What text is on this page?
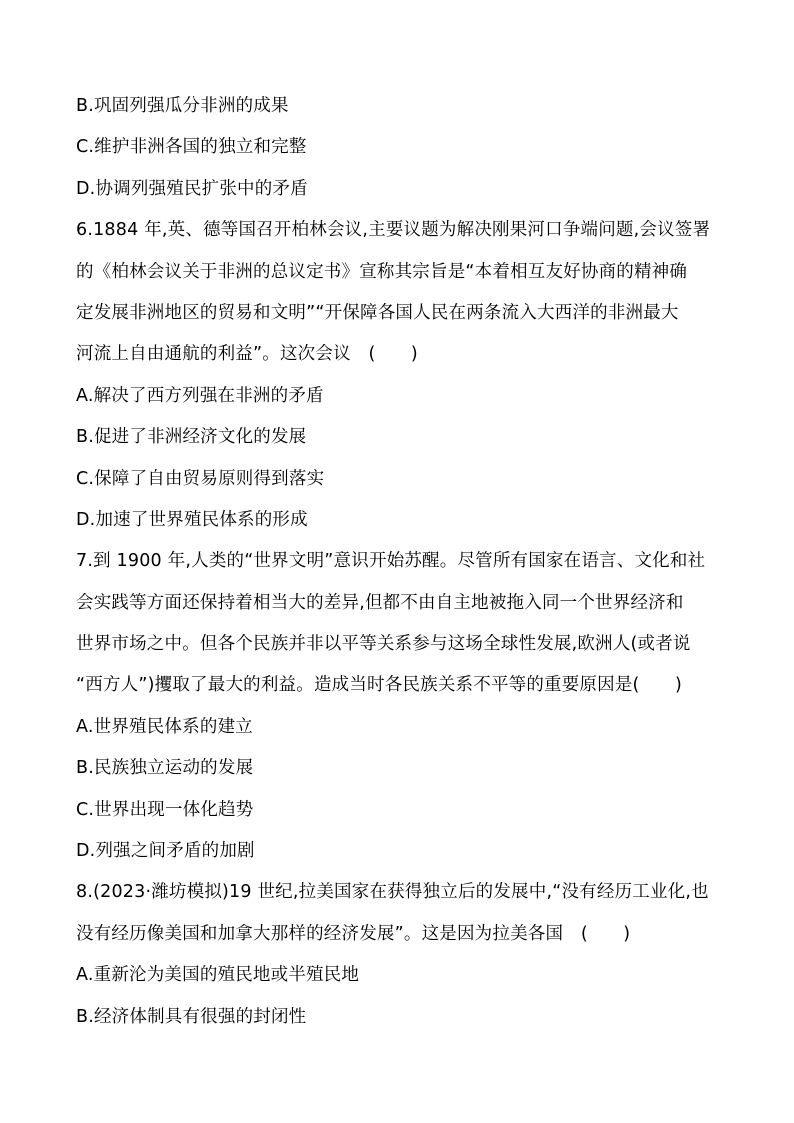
B.巩固列强瓜分非洲的成果
C.维护非洲各国的独立和完整
D.协调列强殖民扩张中的矛盾
6.1884 年,英、德等国召开柏林会议,主要议题为解决刚果河口争端问题,会议签署
的《柏林会议关于非洲的总议定书》宣称其宗旨是“本着相互友好协商的精神确
定发展非洲地区的贸易和文明”“开保障各国人民在两条流入大西洋的非洲最大
河流上自由通航的利益”。这次会议　(　　)
A.解决了西方列强在非洲的矛盾
B.促进了非洲经济文化的发展
C.保障了自由贸易原则得到落实
D.加速了世界殖民体系的形成
7.到 1900 年,人类的“世界文明”意识开始苏醒。尽管所有国家在语言、文化和社
会实践等方面还保持着相当大的差异,但都不由自主地被拖入同一个世界经济和
世界市场之中。但各个民族并非以平等关系参与这场全球性发展,欧洲人(或者说
“西方人”)攫取了最大的利益。造成当时各民族关系不平等的重要原因是(　　)
A.世界殖民体系的建立
B.民族独立运动的发展
C.世界出现一体化趋势
D.列强之间矛盾的加剧
8.(2023·潍坊模拟)19 世纪,拉美国家在获得独立后的发展中,“没有经历工业化,也
没有经历像美国和加拿大那样的经济发展”。这是因为拉美各国　(　　)
A.重新沦为美国的殖民地或半殖民地
B.经济体制具有很强的封闭性
